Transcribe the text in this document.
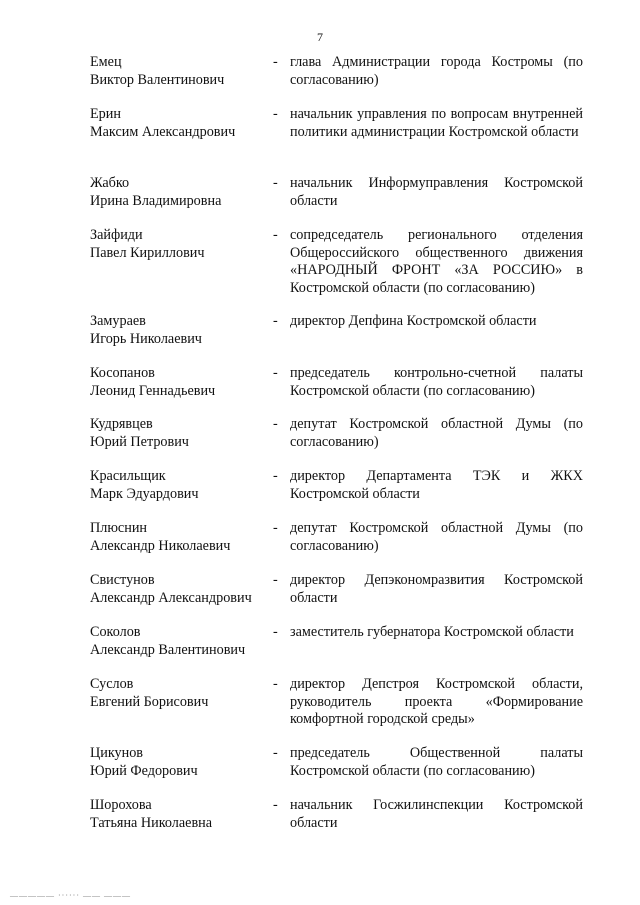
7
Емец
Виктор Валентинович
- глава Администрации города Костромы (по согласованию)
Ерин
Максим Александрович
- начальник управления по вопросам внутренней политики администрации Костромской области
Жабко
Ирина Владимировна
- начальник Информуправления Костромской области
Зайфиди
Павел Кириллович
- сопредседатель регионального отделения Общероссийского общественного движения «НАРОДНЫЙ ФРОНТ «ЗА РОССИЮ» в Костромской области (по согласованию)
Замураев
Игорь Николаевич
- директор Депфина Костромской области
Косопанов
Леонид Геннадьевич
- председатель контрольно-счетной палаты Костромской области (по согласованию)
Кудрявцев
Юрий Петрович
- депутат Костромской областной Думы (по согласованию)
Красильщик
Марк Эдуардович
- директор Департамента ТЭК и ЖКХ Костромской области
Плюснин
Александр Николаевич
- депутат Костромской областной Думы (по согласованию)
Свистунов
Александр Александрович
- директор Депэкономразвития Костромской области
Соколов
Александр Валентинович
- заместитель губернатора Костромской области
Суслов
Евгений Борисович
- директор Депстроя Костромской области, руководитель проекта «Формирование комфортной городской среды»
Цикунов
Юрий Федорович
- председатель Общественной палаты Костромской области (по согласованию)
Шорохова
Татьяна Николаевна
- начальник Госжилинспекции Костромской области
————— ······ —— ———
